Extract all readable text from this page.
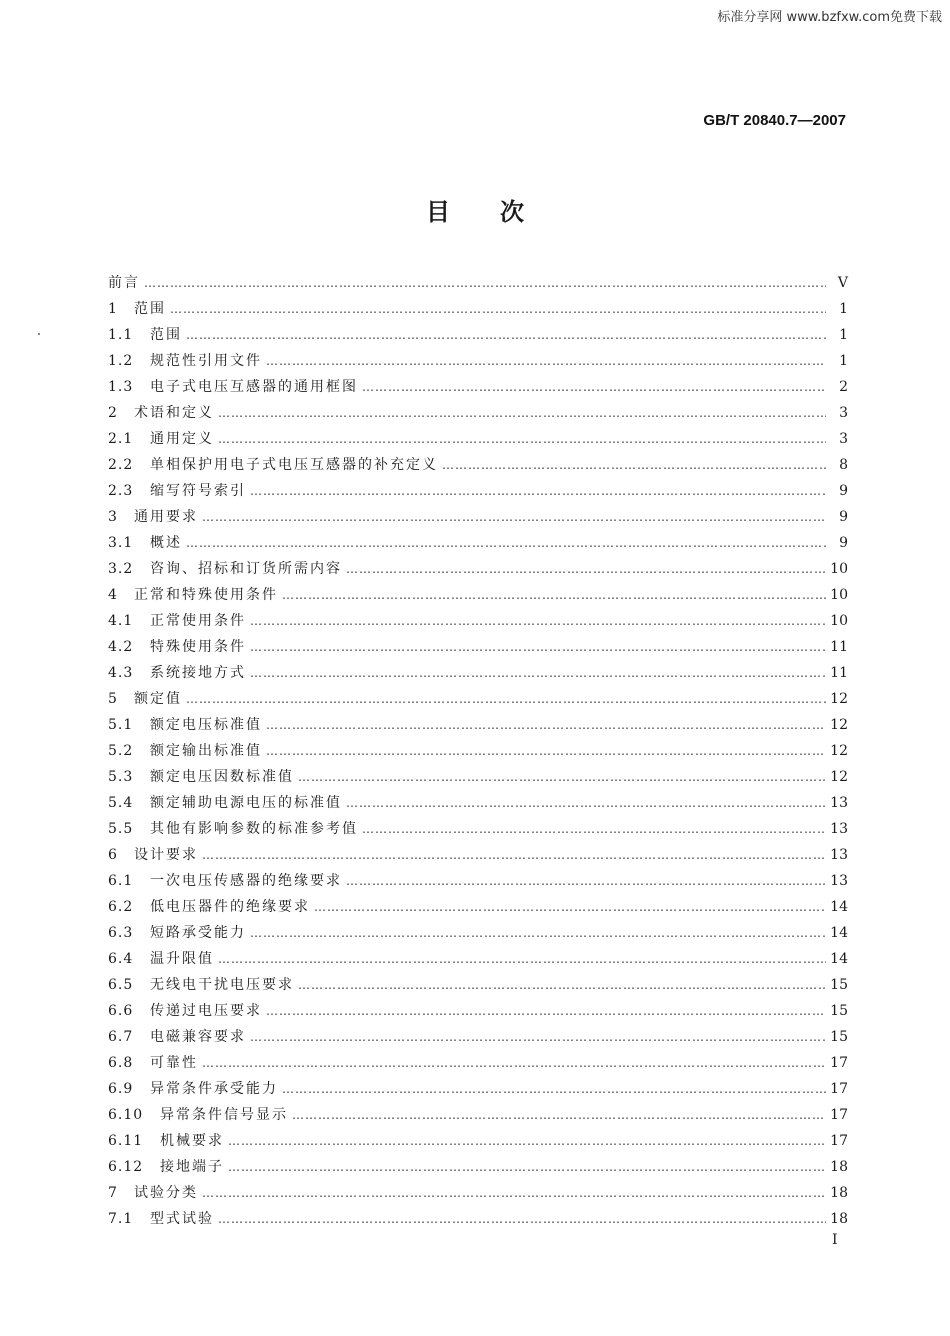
标准分享网 www.bzfxw.com免费下载
GB/T 20840.7—2007
目次
前言 …………………………………………………………………………………………………………………………………………………………………………………………	V
1	范围 …………………………………………………………………………………………………………………………………………………………………………………………	1
1.1	范围 …………………………………………………………………………………………………………………………………………………………………………………………	1
1.2	规范性引用文件 …………………………………………………………………………………………………………………………………………………………………………………………	1
1.3	电子式电压互感器的通用框图 …………………………………………………………………………………………………………………………………………………………………………………………	2
2	术语和定义 …………………………………………………………………………………………………………………………………………………………………………………………	3
2.1	通用定义 …………………………………………………………………………………………………………………………………………………………………………………………	3
2.2	单相保护用电子式电压互感器的补充定义 …………………………………………………………………………………………………………………………………………………………………………………………	8
2.3	缩写符号索引 …………………………………………………………………………………………………………………………………………………………………………………………	9
3	通用要求 …………………………………………………………………………………………………………………………………………………………………………………………	9
3.1	概述 …………………………………………………………………………………………………………………………………………………………………………………………	9
3.2	咨询、招标和订货所需内容 …………………………………………………………………………………………………………………………………………………………………………………………	10
4	正常和特殊使用条件 …………………………………………………………………………………………………………………………………………………………………………………………	10
4.1	正常使用条件 …………………………………………………………………………………………………………………………………………………………………………………………	10
4.2	特殊使用条件 …………………………………………………………………………………………………………………………………………………………………………………………	11
4.3	系统接地方式 …………………………………………………………………………………………………………………………………………………………………………………………	11
5	额定值 …………………………………………………………………………………………………………………………………………………………………………………………	12
5.1	额定电压标准值 …………………………………………………………………………………………………………………………………………………………………………………………	12
5.2	额定输出标准值 …………………………………………………………………………………………………………………………………………………………………………………………	12
5.3	额定电压因数标准值 …………………………………………………………………………………………………………………………………………………………………………………………	12
5.4	额定辅助电源电压的标准值 …………………………………………………………………………………………………………………………………………………………………………………………	13
5.5	其他有影响参数的标准参考值 …………………………………………………………………………………………………………………………………………………………………………………………	13
6	设计要求 …………………………………………………………………………………………………………………………………………………………………………………………	13
6.1	一次电压传感器的绝缘要求 …………………………………………………………………………………………………………………………………………………………………………………………	13
6.2	低电压器件的绝缘要求 …………………………………………………………………………………………………………………………………………………………………………………………	14
6.3	短路承受能力 …………………………………………………………………………………………………………………………………………………………………………………………	14
6.4	温升限值 …………………………………………………………………………………………………………………………………………………………………………………………	14
6.5	无线电干扰电压要求 …………………………………………………………………………………………………………………………………………………………………………………………	15
6.6	传递过电压要求 …………………………………………………………………………………………………………………………………………………………………………………………	15
6.7	电磁兼容要求 …………………………………………………………………………………………………………………………………………………………………………………………	15
6.8	可靠性 …………………………………………………………………………………………………………………………………………………………………………………………	17
6.9	异常条件承受能力 …………………………………………………………………………………………………………………………………………………………………………………………	17
6.10	异常条件信号显示 …………………………………………………………………………………………………………………………………………………………………………………………	17
6.11	机械要求 …………………………………………………………………………………………………………………………………………………………………………………………	17
6.12	接地端子 …………………………………………………………………………………………………………………………………………………………………………………………	18
7	试验分类 …………………………………………………………………………………………………………………………………………………………………………………………	18
7.1	型式试验 …………………………………………………………………………………………………………………………………………………………………………………………	18
I
